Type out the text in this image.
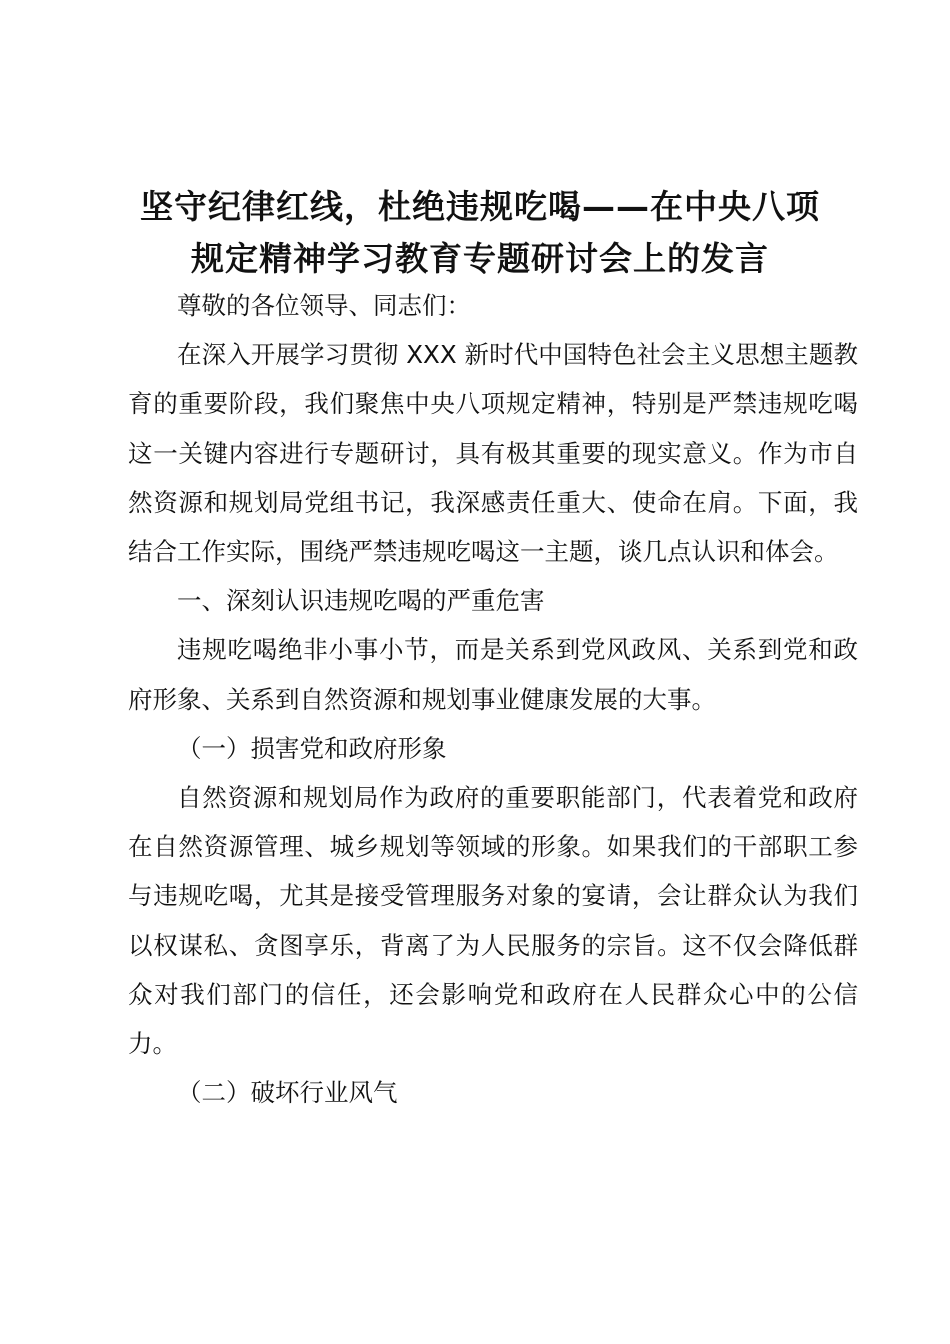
坚守纪律红线，杜绝违规吃喝——在中央八项
规定精神学习教育专题研讨会上的发言

尊敬的各位领导、同志们：

在深入开展学习贯彻 XXX 新时代中国特色社会主义思想主题教育的重要阶段，我们聚焦中央八项规定精神，特别是严禁违规吃喝这一关键内容进行专题研讨，具有极其重要的现实意义。作为市自然资源和规划局党组书记，我深感责任重大、使命在肩。下面，我结合工作实际，围绕严禁违规吃喝这一主题，谈几点认识和体会。

一、深刻认识违规吃喝的严重危害

违规吃喝绝非小事小节，而是关系到党风政风、关系到党和政府形象、关系到自然资源和规划事业健康发展的大事。

（一）损害党和政府形象

自然资源和规划局作为政府的重要职能部门，代表着党和政府在自然资源管理、城乡规划等领域的形象。如果我们的干部职工参与违规吃喝，尤其是接受管理服务对象的宴请，会让群众认为我们以权谋私、贪图享乐，背离了为人民服务的宗旨。这不仅会降低群众对我们部门的信任，还会影响党和政府在人民群众心中的公信力。

（二）破坏行业风气
